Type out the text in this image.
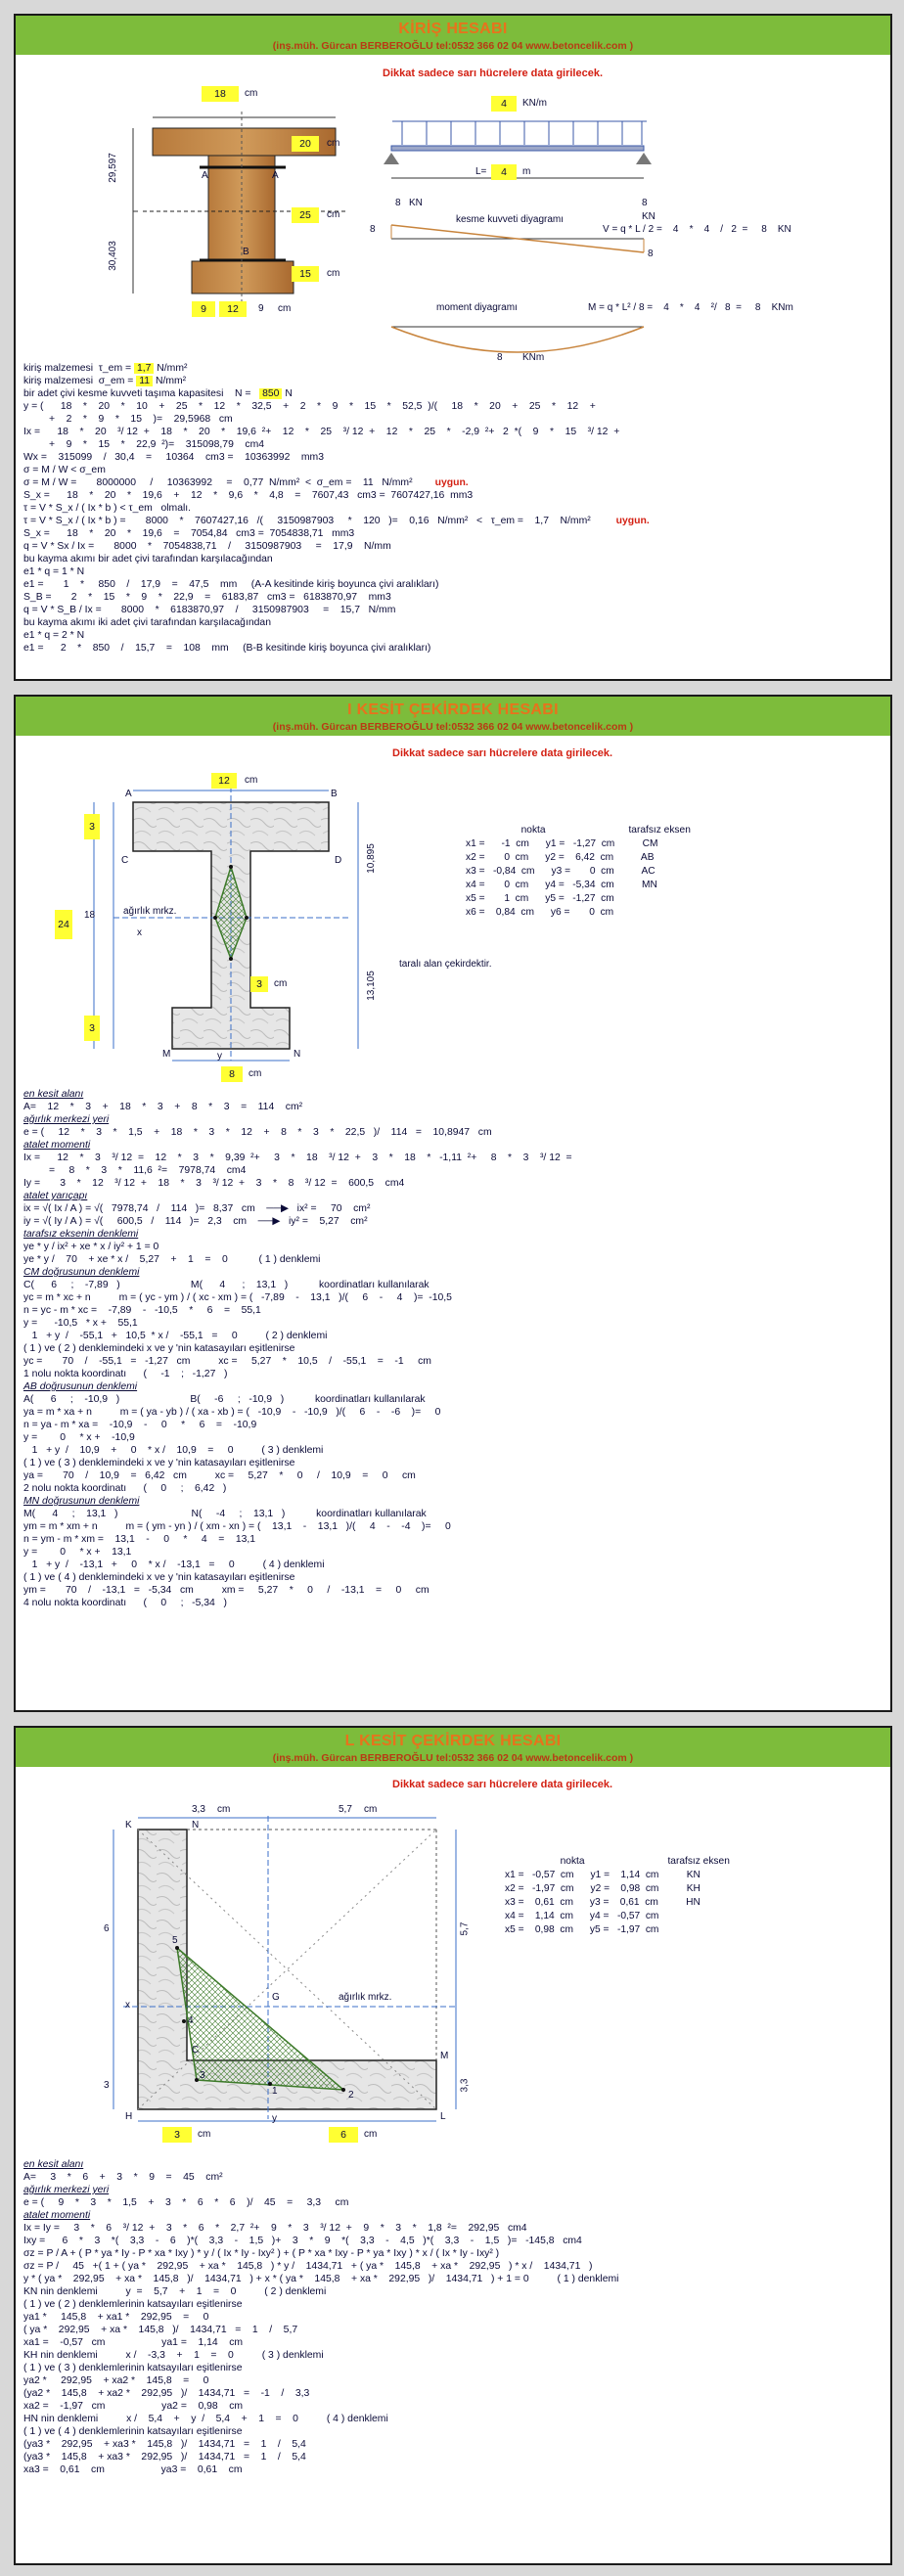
KİRİŞ HESABI
(inş.müh. Gürcan BERBEROĞLU tel:0532 366 02 04 www.betoncelik.com )
Dikkat sadece sarı hücrelere data girilecek.
18	cm
20	cm
25	cm
15	cm
9	12	9 cm
29,597
30,403
A	A
B
4	KN/m
L=	4	m
8 KN	8
KN
kesme kuvveti diyagramı
V = q * L / 2 =    4    *    4    /   2  =     8    KN
8
8
moment diyagramı	M = q * L² / 8 =    4    *    4    ²/   8  =     8    KNm
8 KNm
kiriş malzemesi  τ_em = 1,7 N/mm²
kiriş malzemesi  σ_em = 11 N/mm²
bir adet çivi kesme kuvveti taşıma kapasitesi    N =   850 N
y = (      18    *    20    *    10    +    25    *    12    *    32,5    +    2    *    9    *    15    *    52,5  )/(     18    *    20    +    25    *    12    +
+    2    *    9    *    15    )=    29,5968   cm
Ix =      18    *    20    ³/ 12  +    18    *    20    *    19,6  ²+    12    *    25    ³/ 12  +    12    *    25    *    -2,9  ²+   2  *(    9    *    15    ³/ 12  +
+    9    *    15    *    22,9  ²)=    315098,79    cm4
Wx =    315099    /   30,4    =     10364    cm3 =    10363992    mm3
σ = M / W < σ_em
σ = M / W =       8000000     /     10363992     =    0,77  N/mm²  <  σ_em =    11   N/mm²        uygun.
S_x =      18    *    20    *    19,6    +    12    *    9,6    *    4,8    =    7607,43   cm3 =  7607427,16  mm3
τ = V * S_x / ( Ix * b ) < τ_em   olmalı.
τ = V * S_x / ( Ix * b ) =       8000    *    7607427,16   /(     3150987903     *    120   )=    0,16   N/mm²   <   τ_em =    1,7    N/mm²         uygun.
S_x =      18    *    20    *    19,6    =    7054,84   cm3 =  7054838,71   mm3
q = V * Sx / Ix =       8000    *    7054838,71    /     3150987903     =    17,9    N/mm
bu kayma akımı bir adet çivi tarafından karşılacağından
e1 * q = 1 * N
e1 =       1    *     850    /    17,9    =    47,5    mm     (A-A kesitinde kiriş boyunca çivi aralıkları)
S_B =       2    *    15    *    9    *    22,9    =    6183,87   cm3 =   6183870,97    mm3
q = V * S_B / Ix =       8000    *    6183870,97    /     3150987903     =    15,7   N/mm
bu kayma akımı iki adet çivi tarafından karşılacağından
e1 * q = 2 * N
e1 =      2    *    850    /    15,7    =    108    mm     (B-B kesitinde kiriş boyunca çivi aralıkları)
I KESİT ÇEKİRDEK HESABI
(inş.müh. Gürcan BERBEROĞLU tel:0532 366 02 04 www.betoncelik.com )
Dikkat sadece sarı hücrelere data girilecek.
12	cm
3
18
3
24
3	cm
8	cm
10,895
13,105
A	B
C	D
M	N
y
x
ağırlık mrkz.
taralı alan çekirdektir.
nokta                              tarafsız eksen
x1 =      -1  cm      y1 =   -1,27  cm          CM
x2 =       0  cm      y2 =    6,42  cm          AB
x3 =   -0,84  cm      y3 =       0  cm          AC
x4 =       0  cm      y4 =   -5,34  cm          MN
x5 =       1  cm      y5 =   -1,27  cm
x6 =    0,84  cm      y6 =       0  cm

en kesit alanı
A=    12    *    3    +    18    *    3    +    8    *    3    =    114    cm²
ağırlık merkezi yeri
e = (     12    *    3    *    1,5    +    18    *    3    *    12    +    8    *    3    *    22,5   )/    114   =    10,8947   cm
atalet momenti
Ix =      12    *    3    ³/ 12  =    12    *    3    *    9,39  ²+     3    *    18    ³/ 12  +    3    *    18    *   -1,11  ²+     8    *    3    ³/ 12  =
=     8    *    3    *    11,6  ²=    7978,74    cm4
Iy =       3    *    12    ³/ 12  +    18    *    3    ³/ 12  +    3    *    8    ³/ 12  =    600,5    cm4
atalet yarıçapı
ix = √( Ix / A ) = √(   7978,74   /    114   )=   8,37   cm    ──▶   ix² =     70    cm²
iy = √( Iy / A ) = √(     600,5   /    114   )=   2,3    cm    ──▶   iy² =    5,27    cm²
tarafsız eksenin denklemi
ye * y / ix² + xe * x / iy² + 1 = 0
ye * y /    70    + xe * x /    5,27    +    1    =    0           ( 1 ) denklemi
CM doğrusunun denklemi
C(      6     ;    -7,89   )                         M(      4      ;    13,1   )           koordinatları kullanılarak
yc = m * xc + n          m = ( yc - ym ) / ( xc - xm ) = (   -7,89    -    13,1   )/(     6    -     4    )=  -10,5
n = yc - m * xc =    -7,89    -   -10,5    *     6    =    55,1
y =      -10,5   * x +    55,1
1   + y  /    -55,1   +   10,5  * x /    -55,1   =     0          ( 2 ) denklemi
( 1 ) ve ( 2 ) denklemindeki x ve y 'nin katasayıları eşitlenirse
yc =       70    /    -55,1   =   -1,27   cm          xc =     5,27    *    10,5    /    -55,1    =    -1     cm
1 nolu nokta koordinatı      (     -1    ;   -1,27   )
AB doğrusunun denklemi
A(      6     ;    -10,9   )                         B(     -6     ;   -10,9   )           koordinatları kullanılarak
ya = m * xa + n          m = ( ya - yb ) / ( xa - xb ) = (   -10,9    -   -10,9   )/(     6    -    -6    )=     0
n = ya - m * xa =    -10,9    -     0     *     6    =    -10,9
y =        0     * x +    -10,9
1   + y  /    10,9    +     0    * x /    10,9    =     0          ( 3 ) denklemi
( 1 ) ve ( 3 ) denklemindeki x ve y 'nin katasayıları eşitlenirse
ya =       70    /    10,9    =   6,42   cm          xc =     5,27    *     0     /    10,9    =     0     cm
2 nolu nokta koordinatı      (     0     ;    6,42   )
MN doğrusunun denklemi
M(      4     ;    13,1   )                          N(     -4     ;    13,1   )           koordinatları kullanılarak
ym = m * xm + n          m = ( ym - yn ) / ( xm - xn ) = (    13,1    -    13,1   )/(     4    -    -4    )=     0
n = ym - m * xm =    13,1    -     0     *     4    =    13,1
y =        0     * x +    13,1
1   + y  /    -13,1   +     0    * x /    -13,1   =     0          ( 4 ) denklemi
( 1 ) ve ( 4 ) denklemindeki x ve y 'nin katasayıları eşitlenirse
ym =       70    /    -13,1   =   -5,34   cm          xm =     5,27    *     0     /    -13,1    =     0     cm
4 nolu nokta koordinatı      (     0     ;   -5,34   )
L KESİT ÇEKİRDEK HESABI
(inş.müh. Gürcan BERBEROĞLU tel:0532 366 02 04 www.betoncelik.com )
Dikkat sadece sarı hücrelere data girilecek.
3,3 cm	5,7 cm
6
3
5,7
3,3
3	cm	6	cm
K	N
C
G
M
H	L
x
y
ağırlık mrkz.
1	2
3
4
5
nokta                              tarafsız eksen
x1 =   -0,57  cm      y1 =    1,14  cm          KN
x2 =   -1,97  cm      y2 =    0,98  cm          KH
x3 =    0,61  cm      y3 =    0,61  cm          HN
x4 =    1,14  cm      y4 =   -0,57  cm
x5 =    0,98  cm      y5 =   -1,97  cm

en kesit alanı
A=     3    *    6    +    3    *    9    =    45    cm²
ağırlık merkezi yeri
e = (     9    *    3    *    1,5    +    3    *    6    *    6    )/    45    =     3,3     cm
atalet momenti
Ix = Iy =     3    *    6    ³/ 12  +    3    *    6    *    2,7  ²+    9    *    3    ³/ 12  +    9    *    3    *    1,8  ²=    292,95   cm4
Ixy =      6    *    3    *(    3,3    -    6    )*(    3,3    -    1,5   )+    3    *    9    *(    3,3    -    4,5   )*(    3,3    -    1,5   )=   -145,8   cm4
σz = P / A + ( P * ya * Iy - P * xa * Ixy ) * y / ( Ix * Iy - Ixy² ) + ( P * xa * Ixy - P * ya * Ixy ) * x / ( Ix * Iy - Ixy² )
σz = P /     45   +( 1 + ( ya *    292,95    + xa *    145,8   ) * y /    1434,71   + ( ya *    145,8    + xa *    292,95   ) * x /    1434,71   )
y * ( ya *    292,95    + xa *    145,8   )/    1434,71   ) + x * ( ya *    145,8    + xa *    292,95   )/    1434,71   ) + 1 = 0          ( 1 ) denklemi
KN nin denklemi          y  =    5,7    +    1    =    0          ( 2 ) denklemi
( 1 ) ve ( 2 ) denklemlerinin katsayıları eşitlenirse
ya1 *     145,8    + xa1 *    292,95    =     0
( ya *    292,95    + xa *    145,8   )/    1434,71   =    1    /    5,7
xa1 =    -0,57   cm                    ya1 =    1,14    cm
KH nin denklemi          x /    -3,3    +    1    =    0          ( 3 ) denklemi
( 1 ) ve ( 3 ) denklemlerinin katsayıları eşitlenirse
ya2 *     292,95    + xa2 *    145,8    =     0
(ya2 *    145,8    + xa2 *    292,95   )/    1434,71   =    -1    /    3,3
xa2 =    -1,97   cm                    ya2 =    0,98    cm
HN nin denklemi          x /    5,4    +    y  /    5,4    +    1    =    0          ( 4 ) denklemi
( 1 ) ve ( 4 ) denklemlerinin katsayıları eşitlenirse
(ya3 *    292,95    + xa3 *    145,8   )/    1434,71   =    1    /    5,4
(ya3 *    145,8    + xa3 *    292,95   )/    1434,71   =    1    /    5,4
xa3 =    0,61    cm                    ya3 =    0,61    cm
